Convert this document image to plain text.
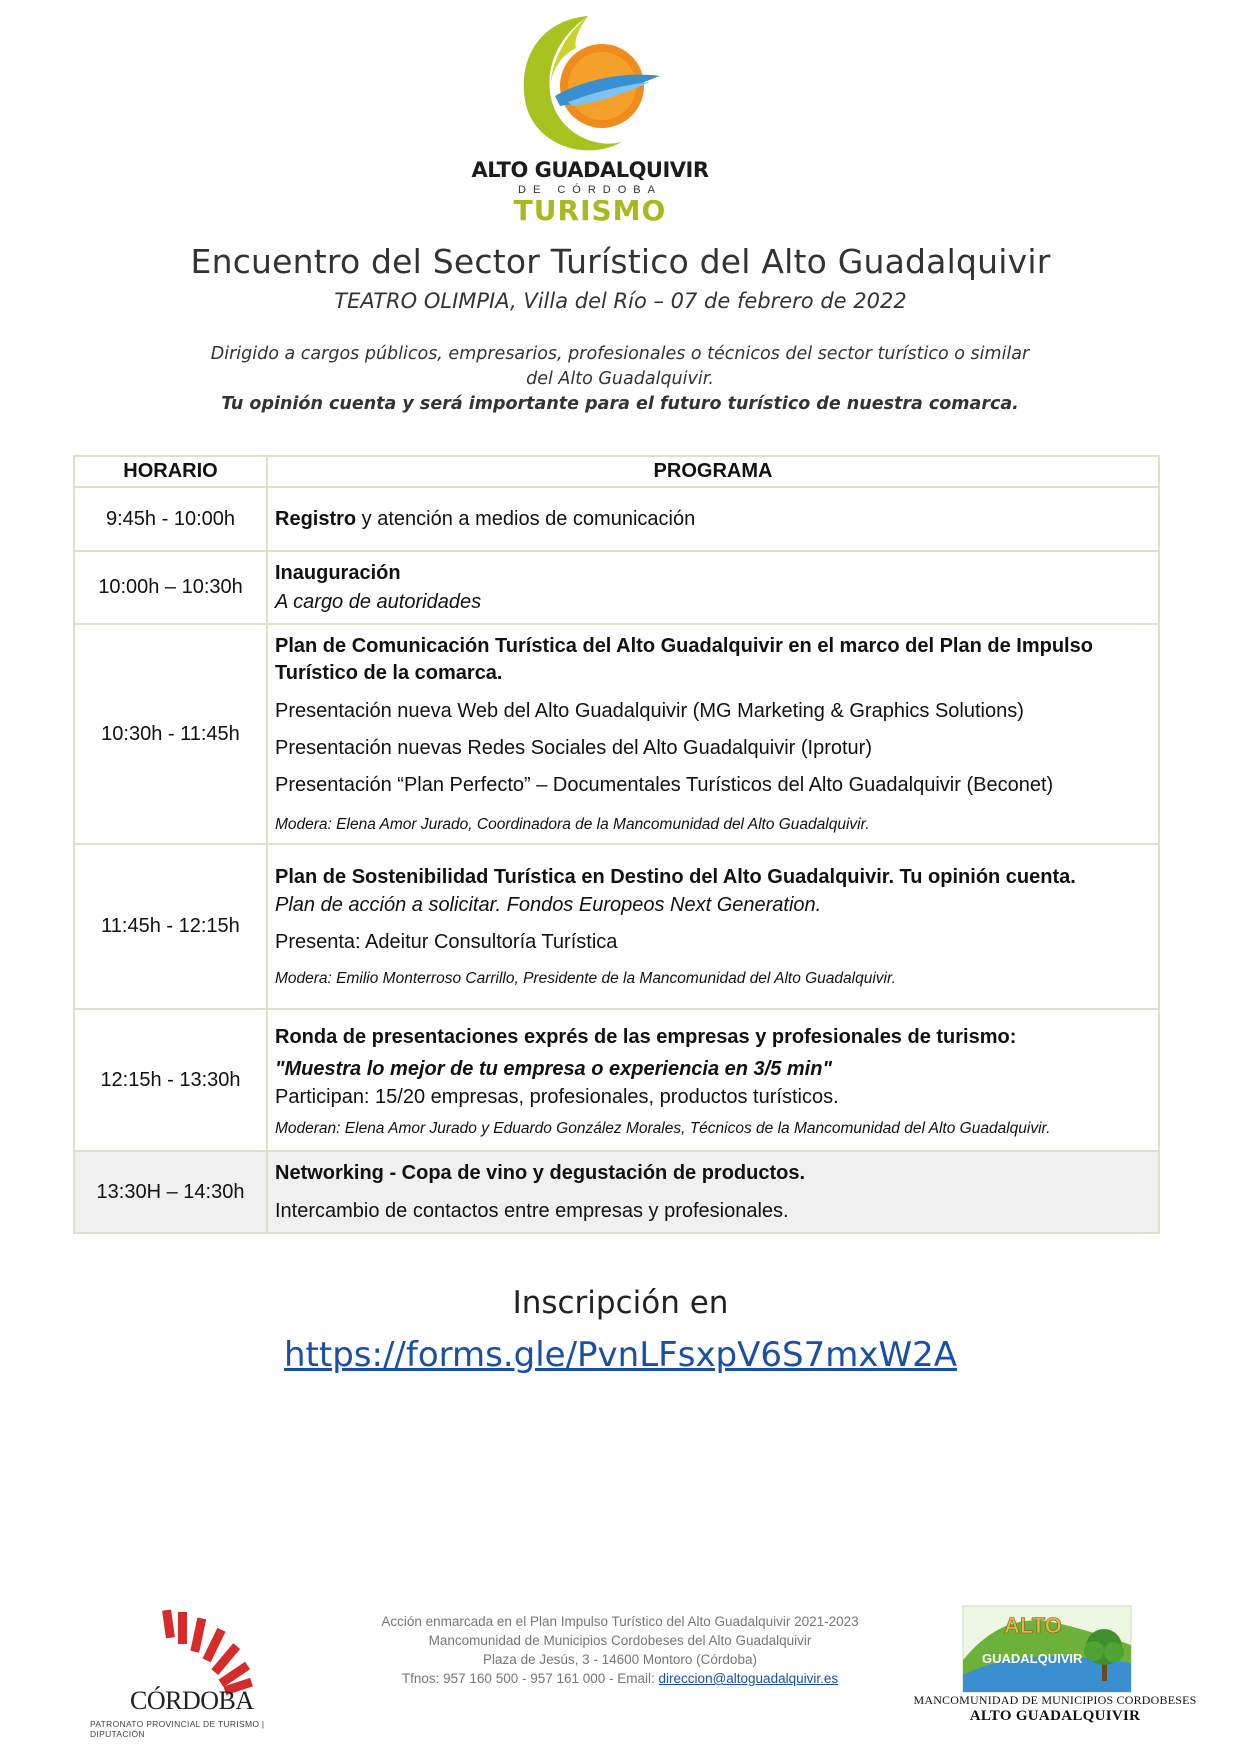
ALTO GUADALQUIVIR
DE CÓRDOBA
TURISMO
Encuentro del Sector Turístico del Alto Guadalquivir
TEATRO OLIMPIA, Villa del Río – 07 de febrero de 2022
Dirigido a cargos públicos, empresarios, profesionales o técnicos del sector turístico o similar
del Alto Guadalquivir.
Tu opinión cuenta y será importante para el futuro turístico de nuestra comarca.
HORARIO	PROGRAMA
9:45h - 10:00h	Registro y atención a medios de comunicación

10:00h – 10:30h	Inauguración

A cargo de autoridades

10:30h - 11:45h	Plan de Comunicación Turística del Alto Guadalquivir en el marco del Plan de Impulso Turístico de la comarca.

Presentación nueva Web del Alto Guadalquivir (MG Marketing & Graphics Solutions)

Presentación nuevas Redes Sociales del Alto Guadalquivir (Iprotur)

Presentación “Plan Perfecto” – Documentales Turísticos del Alto Guadalquivir (Beconet)

Modera: Elena Amor Jurado, Coordinadora de la Mancomunidad del Alto Guadalquivir.

11:45h - 12:15h	Plan de Sostenibilidad Turística en Destino del Alto Guadalquivir. Tu opinión cuenta.

Plan de acción a solicitar. Fondos Europeos Next Generation.

Presenta: Adeitur Consultoría Turística

Modera: Emilio Monterroso Carrillo, Presidente de la Mancomunidad del Alto Guadalquivir.

12:15h - 13:30h	Ronda de presentaciones exprés de las empresas y profesionales de turismo:

"Muestra lo mejor de tu empresa o experiencia en 3/5 min"

Participan: 15/20 empresas, profesionales, productos turísticos.

Moderan: Elena Amor Jurado y Eduardo González Morales, Técnicos de la Mancomunidad del Alto Guadalquivir.

13:30H – 14:30h	Networking - Copa de vino y degustación de productos.

Intercambio de contactos entre empresas y profesionales.

Inscripción en
https://forms.gle/PvnLFsxpV6S7mxW2A
CÓRDOBA
PATRONATO PROVINCIAL DE TURISMO | DIPUTACIÓN
Acción enmarcada en el Plan Impulso Turístico del Alto Guadalquivir 2021-2023
Mancomunidad de Municipios Cordobeses del Alto Guadalquivir
Plaza de Jesús, 3 - 14600 Montoro (Córdoba)
Tfnos: 957 160 500 - 957 161 000 - Email: direccion@altoguadalquivir.es
ALTO
GUADALQUIVIR
MANCOMUNIDAD DE MUNICIPIOS CORDOBESES
ALTO GUADALQUIVIR
